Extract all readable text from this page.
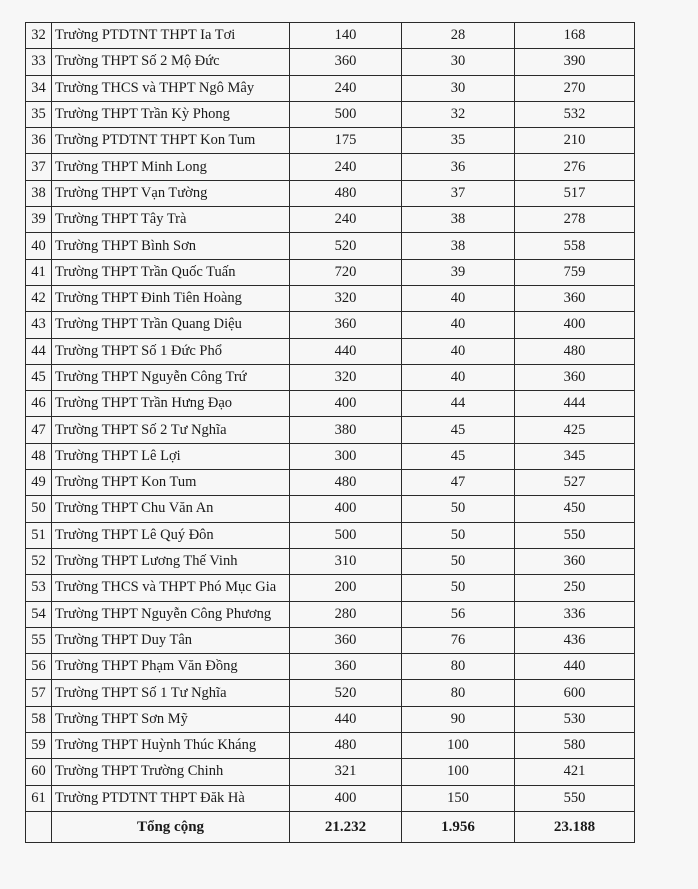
32	Trường PTDTNT THPT Ia Tơi	140	28	168
33	Trường THPT Số 2 Mộ Đức	360	30	390
34	Trường THCS và THPT Ngô Mây	240	30	270
35	Trường THPT Trần Kỳ Phong	500	32	532
36	Trường PTDTNT THPT Kon Tum	175	35	210
37	Trường THPT Minh Long	240	36	276
38	Trường THPT Vạn Tường	480	37	517
39	Trường THPT Tây Trà	240	38	278
40	Trường THPT Bình Sơn	520	38	558
41	Trường THPT Trần Quốc Tuấn	720	39	759
42	Trường THPT Đinh Tiên Hoàng	320	40	360
43	Trường THPT Trần Quang Diệu	360	40	400
44	Trường THPT Số 1 Đức Phổ	440	40	480
45	Trường THPT Nguyễn Công Trứ	320	40	360
46	Trường THPT Trần Hưng Đạo	400	44	444
47	Trường THPT Số 2 Tư Nghĩa	380	45	425
48	Trường THPT Lê Lợi	300	45	345
49	Trường THPT Kon Tum	480	47	527
50	Trường THPT Chu Văn An	400	50	450
51	Trường THPT Lê Quý Đôn	500	50	550
52	Trường THPT Lương Thế Vinh	310	50	360
53	Trường THCS và THPT Phó Mục Gia	200	50	250
54	Trường THPT Nguyễn Công Phương	280	56	336
55	Trường THPT Duy Tân	360	76	436
56	Trường THPT Phạm Văn Đồng	360	80	440
57	Trường THPT Số 1 Tư Nghĩa	520	80	600
58	Trường THPT Sơn Mỹ	440	90	530
59	Trường THPT Huỳnh Thúc Kháng	480	100	580
60	Trường THPT Trường Chinh	321	100	421
61	Trường PTDTNT THPT Đăk Hà	400	150	550
	Tổng cộng	21.232	1.956	23.188
